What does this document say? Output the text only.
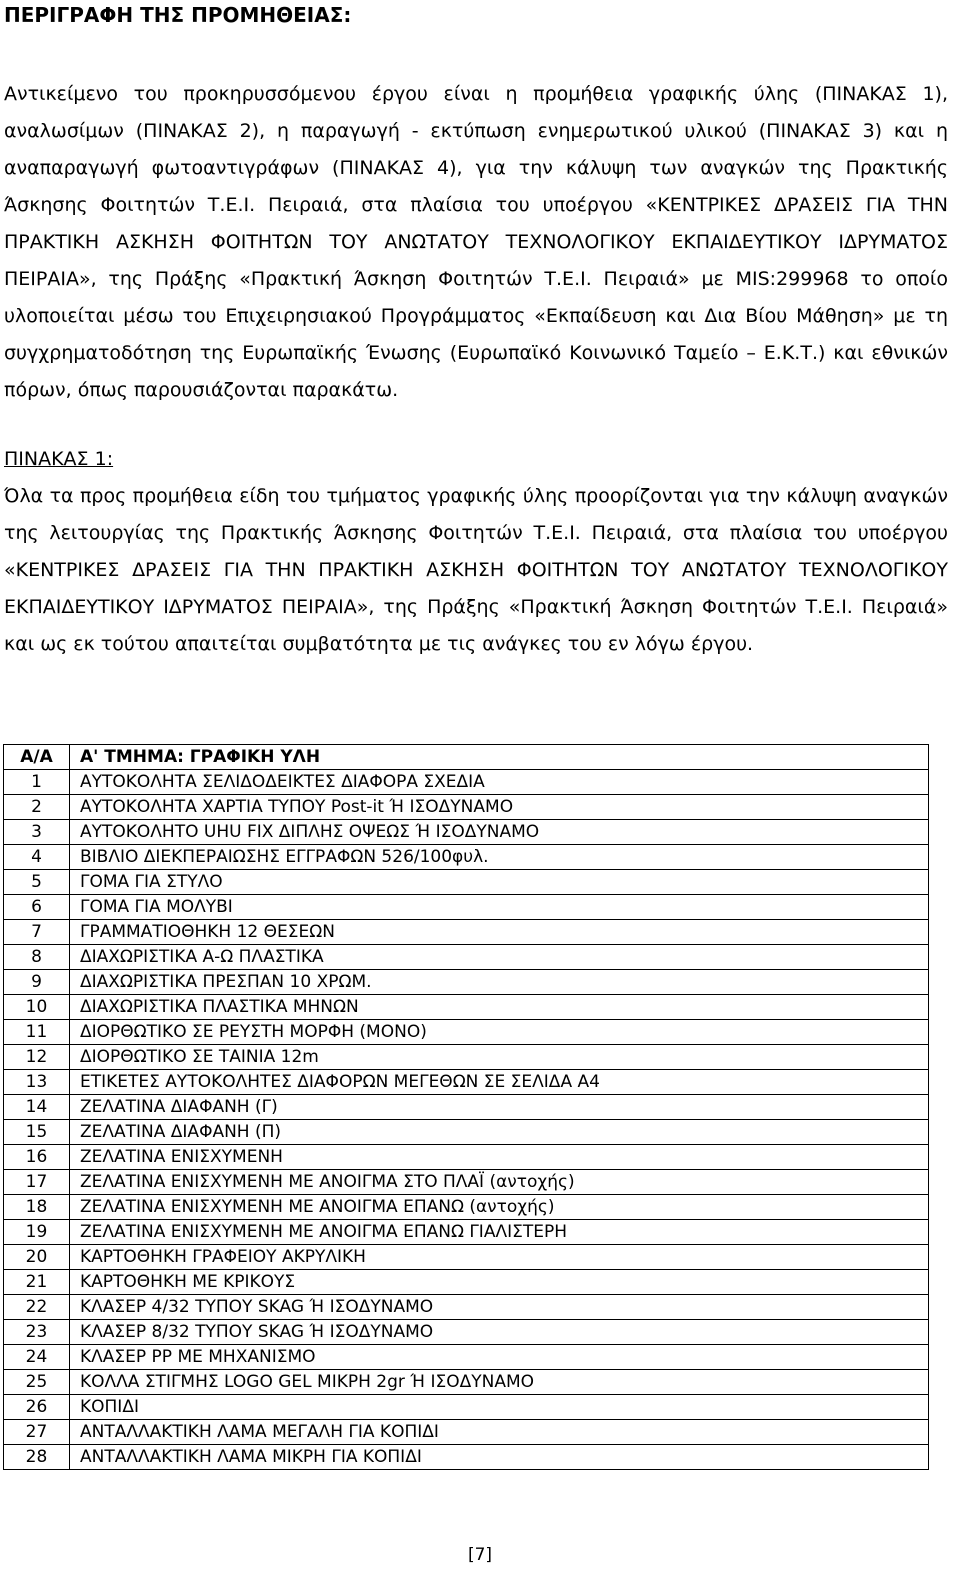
ΠΕΡΙΓΡΑΦΗ ΤΗΣ ΠΡΟΜΗΘΕΙΑΣ:
Αντικείμενο του προκηρυσσόμενου έργου είναι η προμήθεια γραφικής ύλης (ΠΙΝΑΚΑΣ 1), αναλωσίμων (ΠΙΝΑΚΑΣ 2), η παραγωγή - εκτύπωση ενημερωτικού υλικού (ΠΙΝΑΚΑΣ 3) και η αναπαραγωγή φωτοαντιγράφων (ΠΙΝΑΚΑΣ 4), για την κάλυψη των αναγκών της Πρακτικής Άσκησης Φοιτητών Τ.Ε.Ι. Πειραιά, στα πλαίσια του υποέργου «ΚΕΝΤΡΙΚΕΣ ΔΡΑΣΕΙΣ ΓΙΑ ΤΗΝ ΠΡΑΚΤΙΚΗ ΑΣΚΗΣΗ ΦΟΙΤΗΤΩΝ ΤΟΥ ΑΝΩΤΑΤΟΥ ΤΕΧΝΟΛΟΓΙΚΟΥ ΕΚΠΑΙΔΕΥΤΙΚΟΥ ΙΔΡΥΜΑΤΟΣ ΠΕΙΡΑΙΑ», της Πράξης «Πρακτική Άσκηση Φοιτητών Τ.Ε.Ι. Πειραιά» με MIS:299968 το οποίο υλοποιείται μέσω του Επιχειρησιακού Προγράμματος «Εκπαίδευση και Δια Βίου Μάθηση» με τη συγχρηματοδότηση της Ευρωπαϊκής Ένωσης (Ευρωπαϊκό Κοινωνικό Ταμείο – Ε.Κ.Τ.) και εθνικών πόρων, όπως παρουσιάζονται παρακάτω.
ΠΙΝΑΚΑΣ 1:
Όλα τα προς προμήθεια είδη του τμήματος γραφικής ύλης προορίζονται για την κάλυψη αναγκών της λειτουργίας της Πρακτικής Άσκησης Φοιτητών Τ.Ε.Ι. Πειραιά, στα πλαίσια του υποέργου «ΚΕΝΤΡΙΚΕΣ ΔΡΑΣΕΙΣ ΓΙΑ ΤΗΝ ΠΡΑΚΤΙΚΗ ΑΣΚΗΣΗ ΦΟΙΤΗΤΩΝ ΤΟΥ ΑΝΩΤΑΤΟΥ ΤΕΧΝΟΛΟΓΙΚΟΥ ΕΚΠΑΙΔΕΥΤΙΚΟΥ ΙΔΡΥΜΑΤΟΣ ΠΕΙΡΑΙΑ», της Πράξης «Πρακτική Άσκηση Φοιτητών Τ.Ε.Ι. Πειραιά» και ως εκ τούτου απαιτείται συμβατότητα με τις ανάγκες του εν λόγω έργου.
Α/Α	Α' ΤΜΗΜΑ: ΓΡΑΦΙΚΗ ΥΛΗ
1	ΑΥΤΟΚΟΛΗΤΑ ΣΕΛΙΔΟΔΕΙΚΤΕΣ ΔΙΑΦΟΡΑ ΣΧΕΔΙΑ
2	ΑΥΤΟΚΟΛΗΤΑ ΧΑΡΤΙΑ ΤΥΠΟΥ Post-it Ή ΙΣΟΔΥΝΑΜΟ
3	ΑΥΤΟΚΟΛΗΤΟ UHU FIX ΔΙΠΛΗΣ ΟΨΕΩΣ Ή ΙΣΟΔΥΝΑΜΟ
4	ΒΙΒΛΙΟ ΔΙΕΚΠΕΡΑΙΩΣΗΣ ΕΓΓΡΑΦΩΝ 526/100φυλ.
5	ΓΟΜΑ ΓΙΑ ΣΤΥΛΟ
6	ΓΟΜΑ ΓΙΑ ΜΟΛΥΒΙ
7	ΓΡΑΜΜΑΤΙΟΘΗΚΗ 12 ΘΕΣΕΩΝ
8	ΔΙΑΧΩΡΙΣΤΙΚΑ Α-Ω ΠΛΑΣΤΙΚΑ
9	ΔΙΑΧΩΡΙΣΤΙΚΑ ΠΡΕΣΠΑΝ 10 ΧΡΩΜ.
10	ΔΙΑΧΩΡΙΣΤΙΚΑ ΠΛΑΣΤΙΚΑ ΜΗΝΩΝ
11	ΔΙΟΡΘΩΤΙΚΟ ΣΕ ΡΕΥΣΤΗ ΜΟΡΦΗ (ΜΟΝΟ)
12	ΔΙΟΡΘΩΤΙΚΟ ΣΕ ΤΑΙΝΙΑ 12m
13	ΕΤΙΚΕΤΕΣ ΑΥΤΟΚΟΛΗΤΕΣ ΔΙΑΦΟΡΩΝ ΜΕΓΕΘΩΝ ΣΕ ΣΕΛΙΔΑ Α4
14	ΖΕΛΑΤΙΝΑ ΔΙΑΦΑΝΗ (Γ)
15	ΖΕΛΑΤΙΝΑ ΔΙΑΦΑΝΗ (Π)
16	ΖΕΛΑΤΙΝΑ ΕΝΙΣΧΥΜΕΝΗ
17	ΖΕΛΑΤΙΝΑ ΕΝΙΣΧΥΜΕΝΗ ΜΕ ΑΝΟΙΓΜΑ ΣΤΟ ΠΛΑΪ (αντοχής)
18	ΖΕΛΑΤΙΝΑ ΕΝΙΣΧΥΜΕΝΗ ΜΕ ΑΝΟΙΓΜΑ ΕΠΑΝΩ (αντοχής)
19	ΖΕΛΑΤΙΝΑ ΕΝΙΣΧΥΜΕΝΗ ΜΕ ΑΝΟΙΓΜΑ ΕΠΑΝΩ ΓΙΑΛΙΣΤΕΡΗ
20	ΚΑΡΤΟΘΗΚΗ ΓΡΑΦΕΙΟΥ ΑΚΡΥΛΙΚΗ
21	ΚΑΡΤΟΘΗΚΗ ΜΕ ΚΡΙΚΟΥΣ
22	ΚΛΑΣΕΡ 4/32 ΤΥΠΟΥ SKAG Ή ΙΣΟΔΥΝΑΜΟ
23	ΚΛΑΣΕΡ 8/32 ΤΥΠΟΥ SKAG Ή ΙΣΟΔΥΝΑΜΟ
24	ΚΛΑΣΕΡ PP ΜΕ ΜΗΧΑΝΙΣΜΟ
25	ΚΟΛΛΑ ΣΤΙΓΜΗΣ LOGO GEL ΜΙΚΡΗ 2gr Ή ΙΣΟΔΥΝΑΜΟ
26	ΚΟΠΙΔΙ
27	ΑΝΤΑΛΛΑΚΤΙΚΗ ΛΑΜΑ ΜΕΓΑΛΗ ΓΙΑ ΚΟΠΙΔΙ
28	ΑΝΤΑΛΛΑΚΤΙΚΗ ΛΑΜΑ ΜΙΚΡΗ ΓΙΑ ΚΟΠΙΔΙ
[7]
